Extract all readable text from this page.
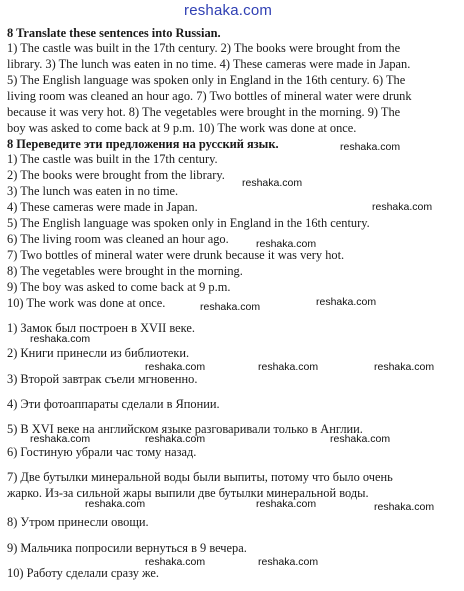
reshaka.com
8 Translate these sentences into Russian.
1) The castle was built in the 17th century. 2) The books were brought from the
library. 3) The lunch was eaten in no time. 4) These cameras were made in Japan.
5) The English language was spoken only in England in the 16th century. 6) The
living room was cleaned an hour ago. 7) Two bottles of mineral water were drunk
because it was very hot. 8) The vegetables were brought in the morning. 9) The
boy was asked to come back at 9 p.m. 10) The work was done at once.
8 Переведите эти предложения на русский язык.
1) The castle was built in the 17th century.
2) The books were brought from the library.
3) The lunch was eaten in no time.
4) These cameras were made in Japan.
5) The English language was spoken only in England in the 16th century.
6) The living room was cleaned an hour ago.
7) Two bottles of mineral water were drunk because it was very hot.
8) The vegetables were brought in the morning.
9) The boy was asked to come back at 9 p.m.
10) The work was done at once.
1) Замок был построен в XVII веке.
2) Книги принесли из библиотеки.
3) Второй завтрак съели мгновенно.
4) Эти фотоаппараты сделали в Японии.
5) В XVI веке на английском языке разговаривали только в Англии.
6) Гостиную убрали час тому назад.
7) Две бутылки минеральной воды были выпиты, потому что было очень
жарко. Из-за сильной жары выпили две бутылки минеральной воды.
8) Утром принесли овощи.
9) Мальчика попросили вернуться в 9 вечера.
10) Работу сделали сразу же.
reshaka.com
reshaka.com
reshaka.com
reshaka.com
reshaka.com	reshaka.com
reshaka.com
reshaka.com	reshaka.com	reshaka.com
reshaka.com	reshaka.com	reshaka.com
reshaka.com	reshaka.com	reshaka.com
reshaka.com	reshaka.com
